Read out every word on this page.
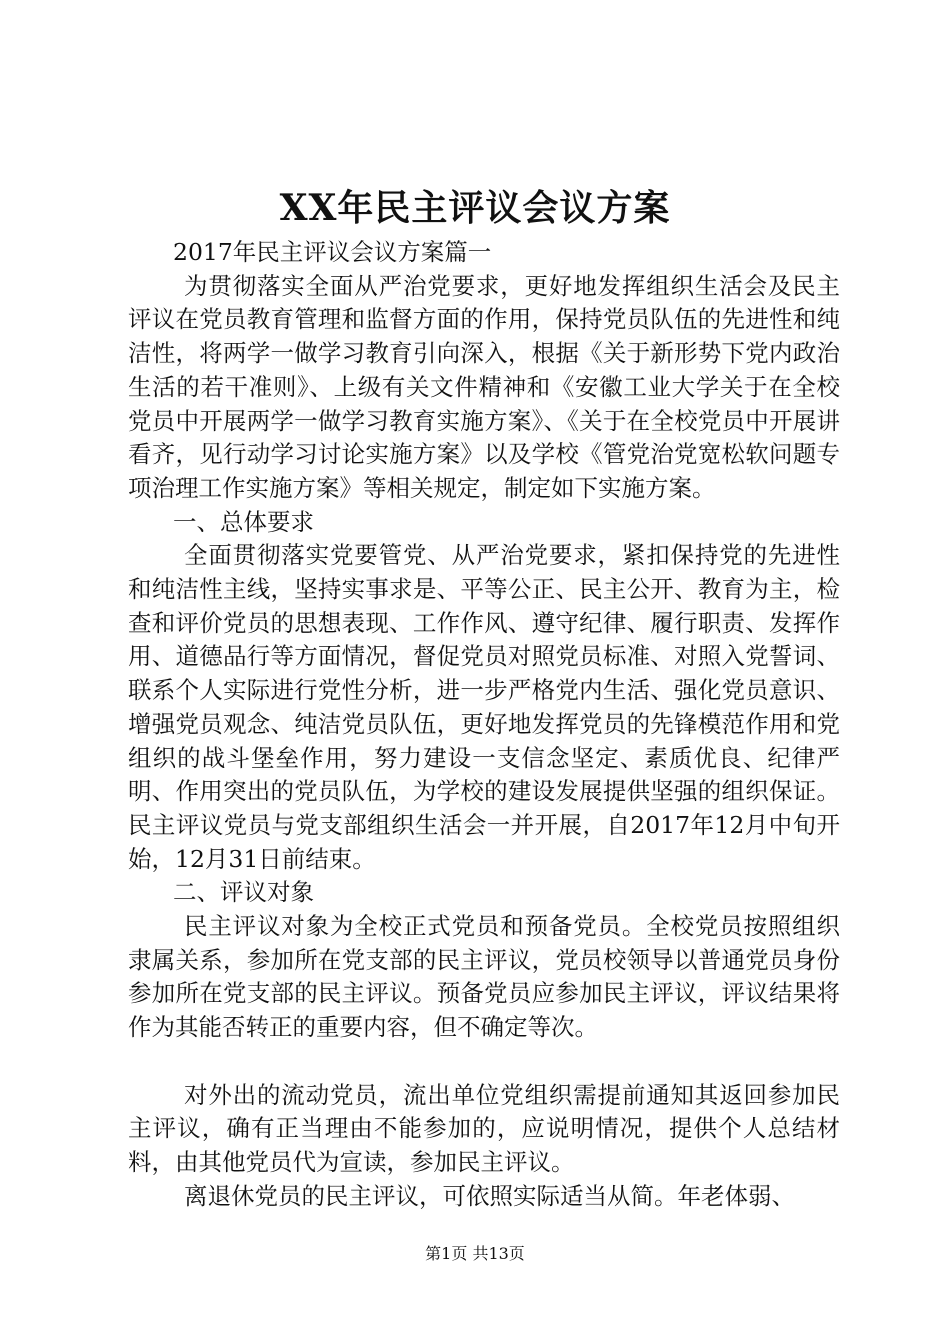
XX年民主评议会议方案

2017年民主评议会议方案篇一

为贯彻落实全面从严治党要求，更好地发挥组织生活会及民主评议在党员教育管理和监督方面的作用，保持党员队伍的先进性和纯洁性，将两学一做学习教育引向深入，根据《关于新形势下党内政治生活的若干准则》、上级有关文件精神和《安徽工业大学关于在全校党员中开展两学一做学习教育实施方案》、《关于在全校党员中开展讲看齐，见行动学习讨论实施方案》以及学校《管党治党宽松软问题专项治理工作实施方案》等相关规定，制定如下实施方案。

一、总体要求

全面贯彻落实党要管党、从严治党要求，紧扣保持党的先进性和纯洁性主线，坚持实事求是、平等公正、民主公开、教育为主，检查和评价党员的思想表现、工作作风、遵守纪律、履行职责、发挥作用、道德品行等方面情况，督促党员对照党员标准、对照入党誓词、联系个人实际进行党性分析，进一步严格党内生活、强化党员意识、增强党员观念、纯洁党员队伍，更好地发挥党员的先锋模范作用和党组织的战斗堡垒作用，努力建设一支信念坚定、素质优良、纪律严明、作用突出的党员队伍，为学校的建设发展提供坚强的组织保证。民主评议党员与党支部组织生活会一并开展，自2017年12月中旬开始，12月31日前结束。

二、评议对象

民主评议对象为全校正式党员和预备党员。全校党员按照组织隶属关系，参加所在党支部的民主评议，党员校领导以普通党员身份参加所在党支部的民主评议。预备党员应参加民主评议，评议结果将作为其能否转正的重要内容，但不确定等次。

对外出的流动党员，流出单位党组织需提前通知其返回参加民主评议，确有正当理由不能参加的，应说明情况，提供个人总结材料，由其他党员代为宣读，参加民主评议。

离退休党员的民主评议，可依照实际适当从简。年老体弱、

第1页 共13页
